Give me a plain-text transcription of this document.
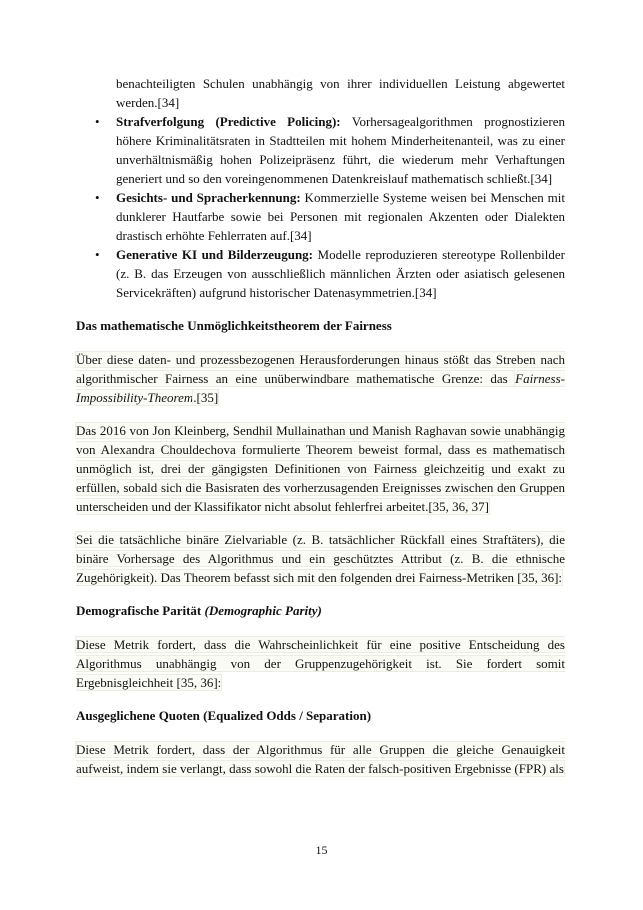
benachteiligten Schulen unabhängig von ihrer individuellen Leistung abgewertet werden.[34]
• Strafverfolgung (Predictive Policing): Vorhersagealgorithmen prognostizieren höhere Kriminalitätsraten in Stadtteilen mit hohem Minderheitenanteil, was zu einer unverhältnismäßig hohen Polizeipräsenz führt, die wiederum mehr Verhaftungen generiert und so den voreingenommenen Datenkreislauf mathematisch schließt.[34]
• Gesichts- und Spracherkennung: Kommerzielle Systeme weisen bei Menschen mit dunklerer Hautfarbe sowie bei Personen mit regionalen Akzenten oder Dialekten drastisch erhöhte Fehlerraten auf.[34]
• Generative KI und Bilderzeugung: Modelle reproduzieren stereotype Rollenbilder (z. B. das Erzeugen von ausschließlich männlichen Ärzten oder asiatisch gelesenen Servicekräften) aufgrund historischer Datenasymmetrien.[34]

Das mathematische Unmöglichkeitstheorem der Fairness

Über diese daten- und prozessbezogenen Herausforderungen hinaus stößt das Streben nach algorithmischer Fairness an eine unüberwindbare mathematische Grenze: das Fairness-Impossibility-Theorem.[35]

Das 2016 von Jon Kleinberg, Sendhil Mullainathan und Manish Raghavan sowie unabhängig von Alexandra Chouldechova formulierte Theorem beweist formal, dass es mathematisch unmöglich ist, drei der gängigsten Definitionen von Fairness gleichzeitig und exakt zu erfüllen, sobald sich die Basisraten des vorherzusagenden Ereignisses zwischen den Gruppen unterscheiden und der Klassifikator nicht absolut fehlerfrei arbeitet.[35, 36, 37]

Sei die tatsächliche binäre Zielvariable (z. B. tatsächlicher Rückfall eines Straftäters), die binäre Vorhersage des Algorithmus und ein geschütztes Attribut (z. B. die ethnische Zugehörigkeit). Das Theorem befasst sich mit den folgenden drei Fairness-Metriken [35, 36]:

Demografische Parität (Demographic Parity)

Diese Metrik fordert, dass die Wahrscheinlichkeit für eine positive Entscheidung des Algorithmus unabhängig von der Gruppenzugehörigkeit ist. Sie fordert somit Ergebnisgleichheit [35, 36]:

Ausgeglichene Quoten (Equalized Odds / Separation)

Diese Metrik fordert, dass der Algorithmus für alle Gruppen die gleiche Genauigkeit aufweist, indem sie verlangt, dass sowohl die Raten der falsch-positiven Ergebnisse (FPR) als

15
